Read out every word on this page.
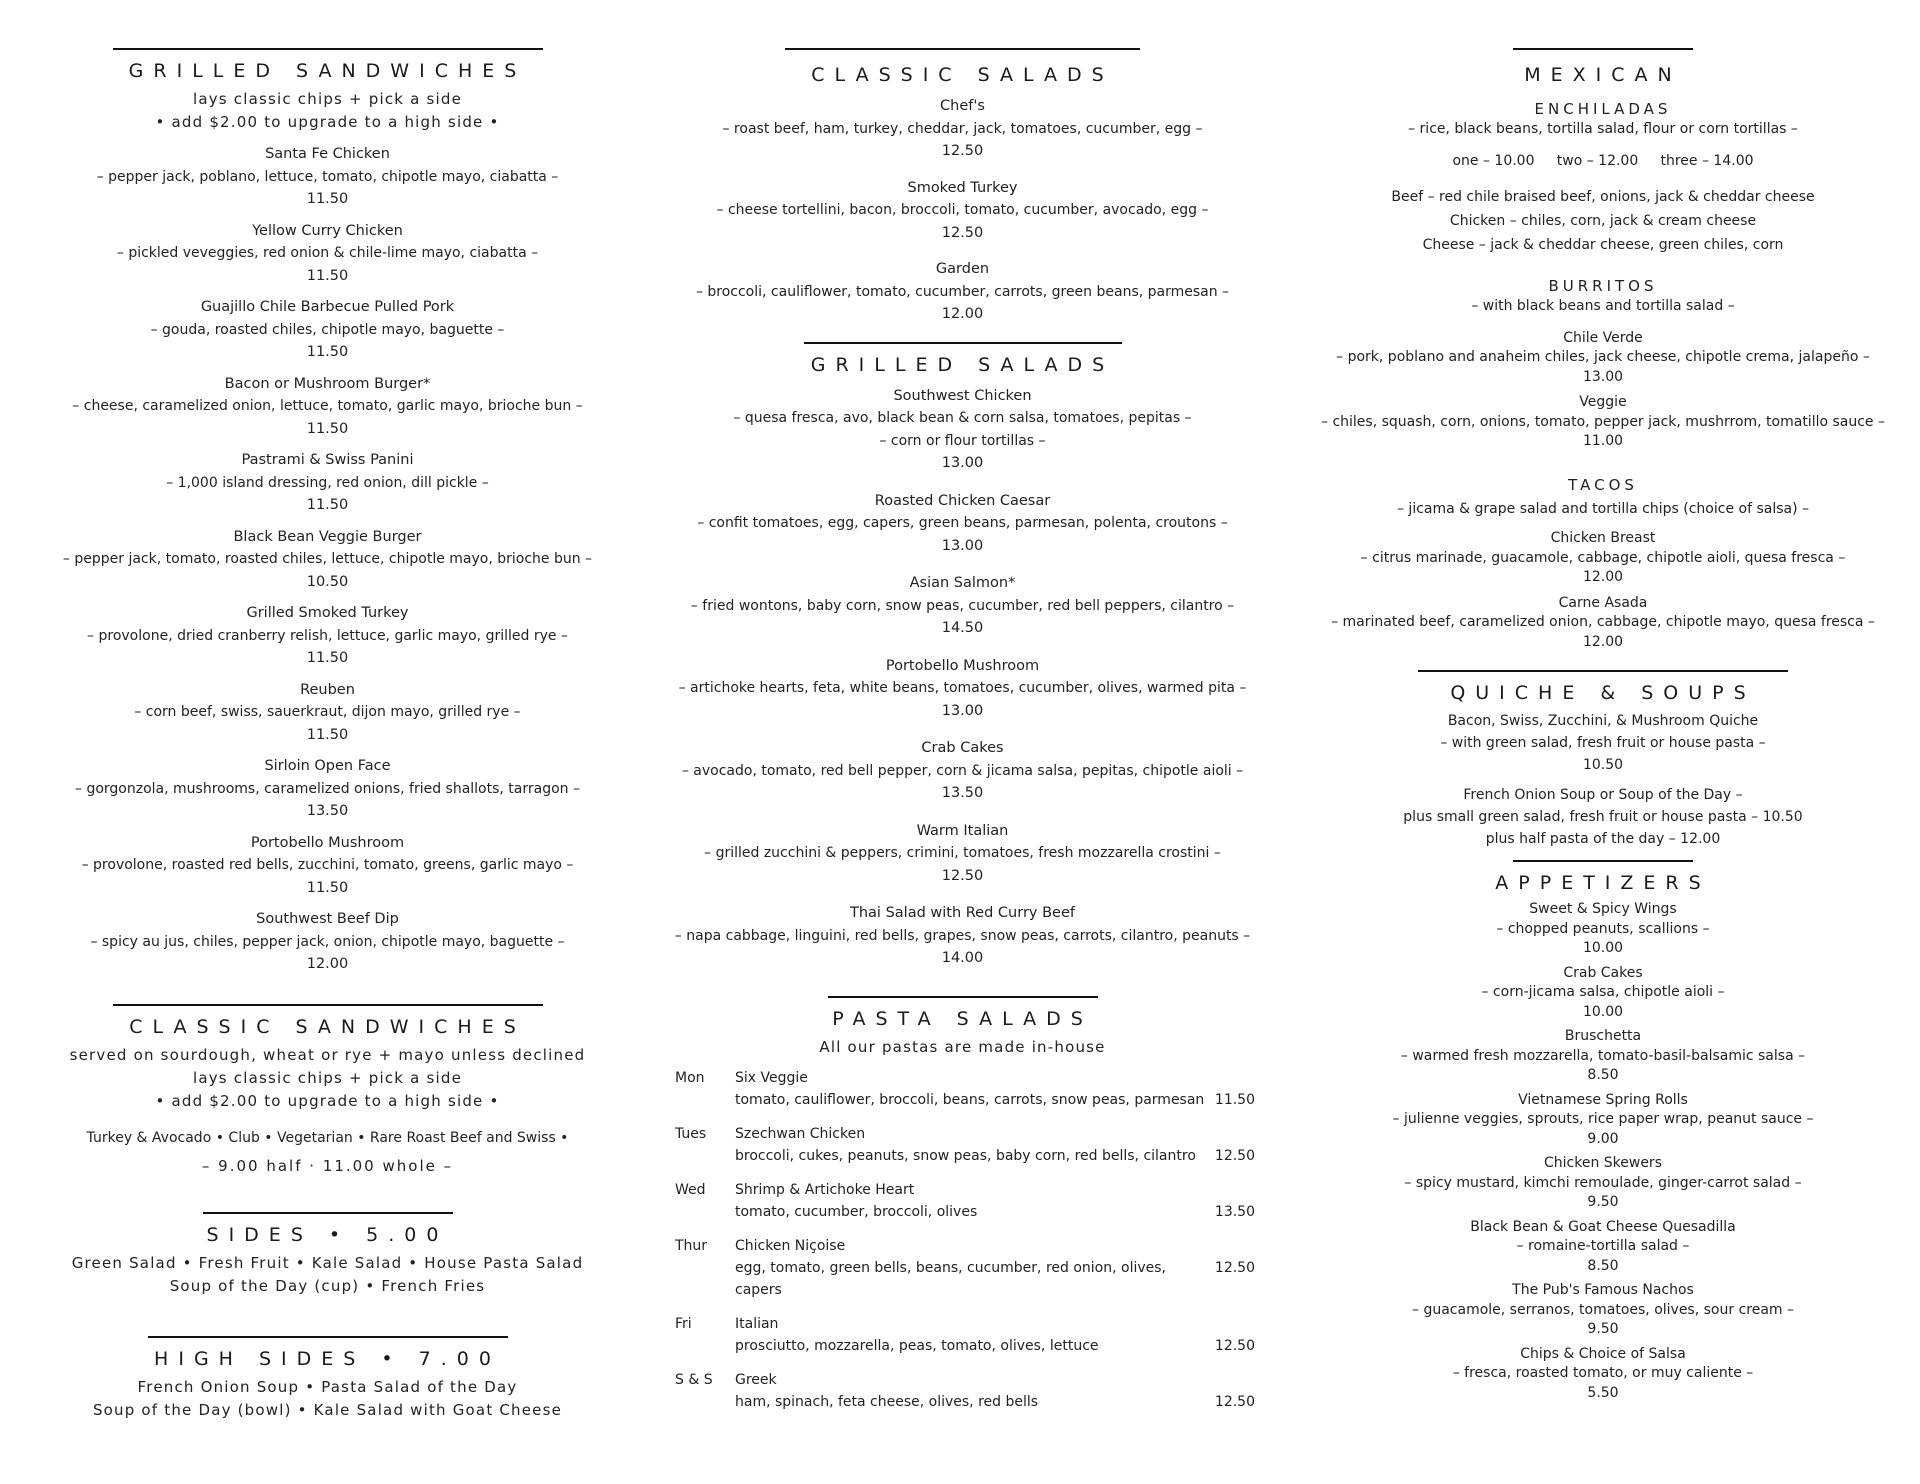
GRILLED SANDWICHES
lays classic chips + pick a side
• add $2.00 to upgrade to a high side •
Santa Fe Chicken
– pepper jack, poblano, lettuce, tomato, chipotle mayo, ciabatta –
11.50
Yellow Curry Chicken
– pickled veveggies, red onion & chile-lime mayo, ciabatta –
11.50
Guajillo Chile Barbecue Pulled Pork
– gouda, roasted chiles, chipotle mayo, baguette –
11.50
Bacon or Mushroom Burger*
– cheese, caramelized onion, lettuce, tomato, garlic mayo, brioche bun –
11.50
Pastrami & Swiss Panini
– 1,000 island dressing, red onion, dill pickle –
11.50
Black Bean Veggie Burger
– pepper jack, tomato, roasted chiles, lettuce, chipotle mayo, brioche bun –
10.50
Grilled Smoked Turkey
– provolone, dried cranberry relish, lettuce, garlic mayo, grilled rye –
11.50
Reuben
– corn beef, swiss, sauerkraut, dijon mayo, grilled rye –
11.50
Sirloin Open Face
– gorgonzola, mushrooms, caramelized onions, fried shallots, tarragon –
13.50
Portobello Mushroom
– provolone, roasted red bells, zucchini, tomato, greens, garlic mayo –
11.50
Southwest Beef Dip
– spicy au jus, chiles, pepper jack, onion, chipotle mayo, baguette –
12.00
CLASSIC SANDWICHES
served on sourdough, wheat or rye + mayo unless declined
lays classic chips + pick a side
• add $2.00 to upgrade to a high side •
Turkey & Avocado • Club • Vegetarian • Rare Roast Beef and Swiss •
– 9.00 half · 11.00 whole –
SIDES • 5.00
Green Salad • Fresh Fruit • Kale Salad • House Pasta Salad
Soup of the Day (cup) • French Fries
HIGH SIDES • 7.00
French Onion Soup • Pasta Salad of the Day
Soup of the Day (bowl) • Kale Salad with Goat Cheese
CLASSIC SALADS
Chef's
– roast beef, ham, turkey, cheddar, jack, tomatoes, cucumber, egg –
12.50
Smoked Turkey
– cheese tortellini, bacon, broccoli, tomato, cucumber, avocado, egg –
12.50
Garden
– broccoli, cauliflower, tomato, cucumber, carrots, green beans, parmesan –
12.00
GRILLED SALADS
Southwest Chicken
– quesa fresca, avo, black bean & corn salsa, tomatoes, pepitas –
– corn or flour tortillas –
13.00
Roasted Chicken Caesar
– confit tomatoes, egg, capers, green beans, parmesan, polenta, croutons –
13.00
Asian Salmon*
– fried wontons, baby corn, snow peas, cucumber, red bell peppers, cilantro –
14.50
Portobello Mushroom
– artichoke hearts, feta, white beans, tomatoes, cucumber, olives, warmed pita –
13.00
Crab Cakes
– avocado, tomato, red bell pepper, corn & jicama salsa, pepitas, chipotle aioli –
13.50
Warm Italian
– grilled zucchini & peppers, crimini, tomatoes, fresh mozzarella crostini –
12.50
Thai Salad with Red Curry Beef
– napa cabbage, linguini, red bells, grapes, snow peas, carrots, cilantro, peanuts –
14.00
PASTA SALADS
All our pastas are made in-house
Mon	Six Veggie	
	tomato, cauliflower, broccoli, beans, carrots, snow peas, parmesan	11.50
Tues	Szechwan Chicken	
	broccoli, cukes, peanuts, snow peas, baby corn, red bells, cilantro	12.50
Wed	Shrimp & Artichoke Heart	
	tomato, cucumber, broccoli, olives	13.50
Thur	Chicken Niçoise	
	egg, tomato, green bells, beans, cucumber, red onion, olives, capers	12.50
Fri	Italian	
	prosciutto, mozzarella, peas, tomato, olives, lettuce	12.50
S & S	Greek	
	ham, spinach, feta cheese, olives, red bells	12.50
MEXICAN
ENCHILADAS
– rice, black beans, tortilla salad, flour or corn tortillas –
one – 10.00     two – 12.00     three – 14.00
Beef – red chile braised beef, onions, jack & cheddar cheese
Chicken – chiles, corn, jack & cream cheese
Cheese – jack & cheddar cheese, green chiles, corn
BURRITOS
– with black beans and tortilla salad –
Chile Verde
– pork, poblano and anaheim chiles, jack cheese, chipotle crema, jalapeño –
13.00
Veggie
– chiles, squash, corn, onions, tomato, pepper jack, mushrrom, tomatillo sauce –
11.00
TACOS
– jicama & grape salad and tortilla chips (choice of salsa) –
Chicken Breast
– citrus marinade, guacamole, cabbage, chipotle aioli, quesa fresca –
12.00
Carne Asada
– marinated beef, caramelized onion, cabbage, chipotle mayo, quesa fresca –
12.00
QUICHE & SOUPS
Bacon, Swiss, Zucchini, & Mushroom Quiche
– with green salad, fresh fruit or house pasta –
10.50
French Onion Soup or Soup of the Day –
plus small green salad, fresh fruit or house pasta – 10.50
plus half pasta of the day – 12.00
APPETIZERS
Sweet & Spicy Wings
– chopped peanuts, scallions –
10.00
Crab Cakes
– corn-jicama salsa, chipotle aioli –
10.00
Bruschetta
– warmed fresh mozzarella, tomato-basil-balsamic salsa –
8.50
Vietnamese Spring Rolls
– julienne veggies, sprouts, rice paper wrap, peanut sauce –
9.00
Chicken Skewers
– spicy mustard, kimchi remoulade, ginger-carrot salad –
9.50
Black Bean & Goat Cheese Quesadilla
– romaine-tortilla salad –
8.50
The Pub's Famous Nachos
– guacamole, serranos, tomatoes, olives, sour cream –
9.50
Chips & Choice of Salsa
– fresca, roasted tomato, or muy caliente –
5.50
